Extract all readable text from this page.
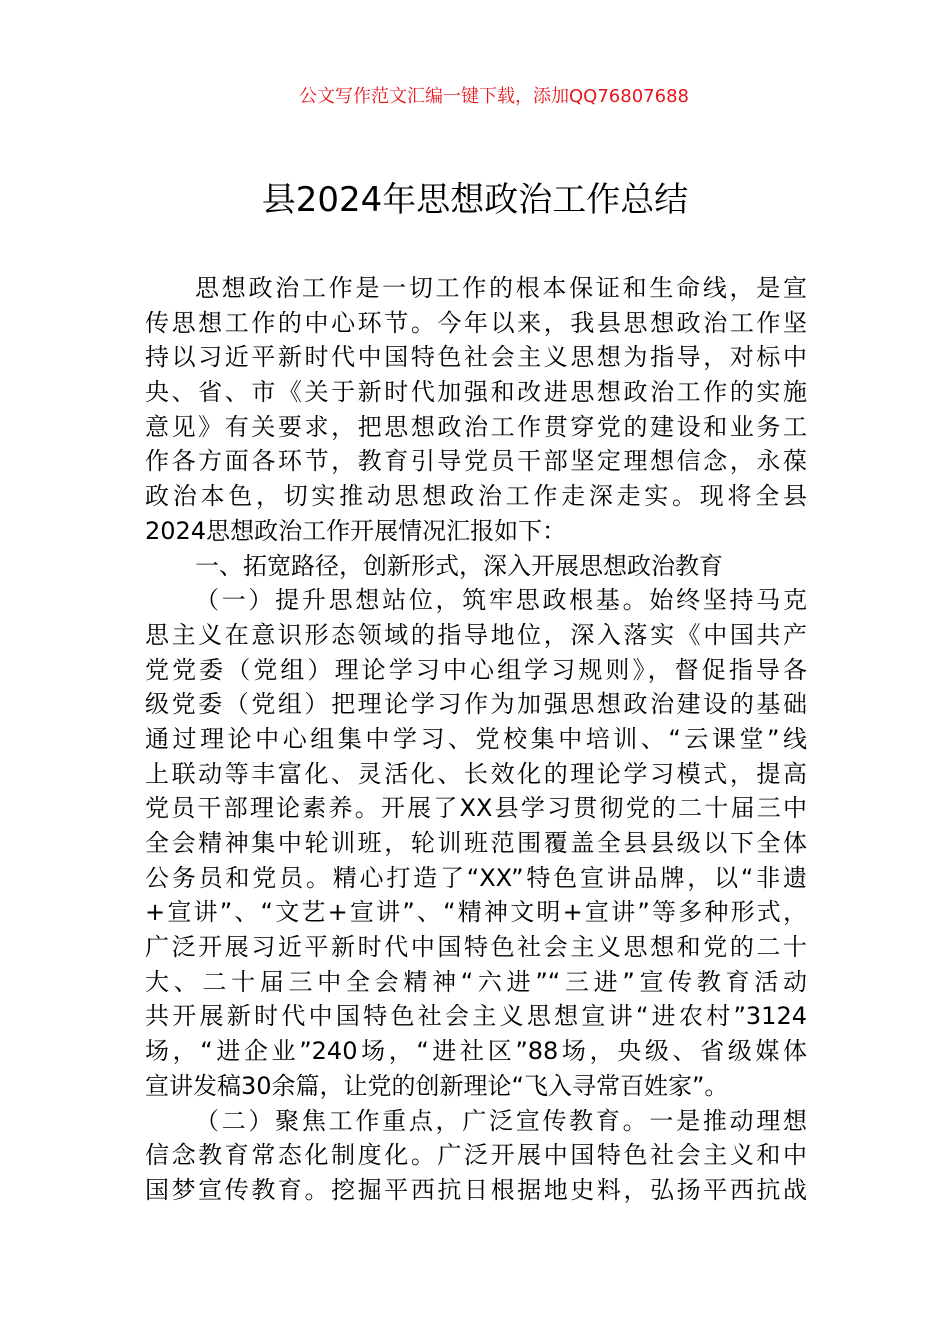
公文写作范文汇编一键下载，添加QQ76807688
县2024年思想政治工作总结
思想政治工作是一切工作的根本保证和生命线，是宣
传思想工作的中心环节。今年以来，我县思想政治工作坚
持以习近平新时代中国特色社会主义思想为指导，对标中
央、省、市《关于新时代加强和改进思想政治工作的实施
意见》有关要求，把思想政治工作贯穿党的建设和业务工
作各方面各环节，教育引导党员干部坚定理想信念，永葆
政治本色，切实推动思想政治工作走深走实。现将全县
2024思想政治工作开展情况汇报如下：
一、拓宽路径，创新形式，深入开展思想政治教育
（一）提升思想站位，筑牢思政根基。始终坚持马克
思主义在意识形态领域的指导地位，深入落实《中国共产
党党委（党组）理论学习中心组学习规则》，督促指导各
级党委（党组）把理论学习作为加强思想政治建设的基础
通过理论中心组集中学习、党校集中培训、“云课堂”线
上联动等丰富化、灵活化、长效化的理论学习模式，提高
党员干部理论素养。开展了XX县学习贯彻党的二十届三中
全会精神集中轮训班，轮训班范围覆盖全县县级以下全体
公务员和党员。精心打造了“XX”特色宣讲品牌，以“非遗
+宣讲”、“文艺+宣讲”、“精神文明+宣讲”等多种形式，
广泛开展习近平新时代中国特色社会主义思想和党的二十
大、二十届三中全会精神“六进”“三进”宣传教育活动
共开展新时代中国特色社会主义思想宣讲“进农村”3124
场，“进企业”240场，“进社区”88场，央级、省级媒体
宣讲发稿30余篇，让党的创新理论“飞入寻常百姓家”。
（二）聚焦工作重点，广泛宣传教育。一是推动理想
信念教育常态化制度化。广泛开展中国特色社会主义和中
国梦宣传教育。挖掘平西抗日根据地史料，弘扬平西抗战
